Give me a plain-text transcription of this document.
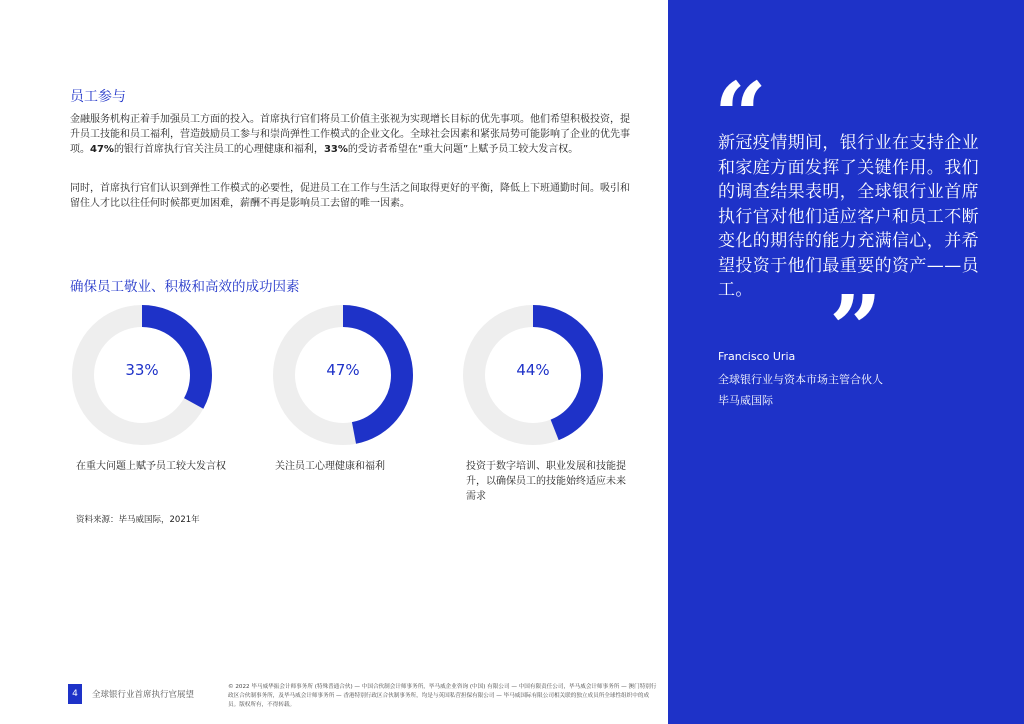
员工参与

金融服务机构正着手加强员工方面的投入。首席执行官们将员工价值主张视为实现增长目标的优先事项。他们希望积极投资，提升员工技能和员工福利，营造鼓励员工参与和崇尚弹性工作模式的企业文化。全球社会因素和紧张局势可能影响了企业的优先事项。47%的银行首席执行官关注员工的心理健康和福利，33%的受访者希望在“重大问题”上赋予员工较大发言权。

同时，首席执行官们认识到弹性工作模式的必要性，促进员工在工作与生活之间取得更好的平衡，降低上下班通勤时间。吸引和留住人才比以往任何时候都更加困难，薪酬不再是影响员工去留的唯一因素。

确保员工敬业、积极和高效的成功因素
33%	47%	44%

在重大问题上赋予员工较大发言权	关注员工心理健康和福利	投资于数字培训、职业发展和技能提升，以确保员工的技能始终适应未来需求

资料来源：毕马威国际，2021年

4	全球银行业首席执行官展望

© 2022 毕马威华振会计师事务所 (特殊普通合伙) — 中国合伙制会计师事务所，毕马威企业咨询 (中国) 有限公司 — 中国有限责任公司，毕马威会计师事务所 — 澳门特别行政区合伙制事务所，及毕马威会计师事务所 — 香港特别行政区合伙制事务所，均是与英国私营担保有限公司 — 毕马威国际有限公司相关联的独立成员所全球性组织中的成员。版权所有，不得转载。

“

新冠疫情期间，银行业在支持企业和家庭方面发挥了关键作用。我们的调查结果表明，全球银行业首席执行官对他们适应客户和员工不断变化的期待的能力充满信心，并希望投资于他们最重要的资产——员工。 ”

Francisco Uria

全球银行业与资本市场主管合伙人

毕马威国际
